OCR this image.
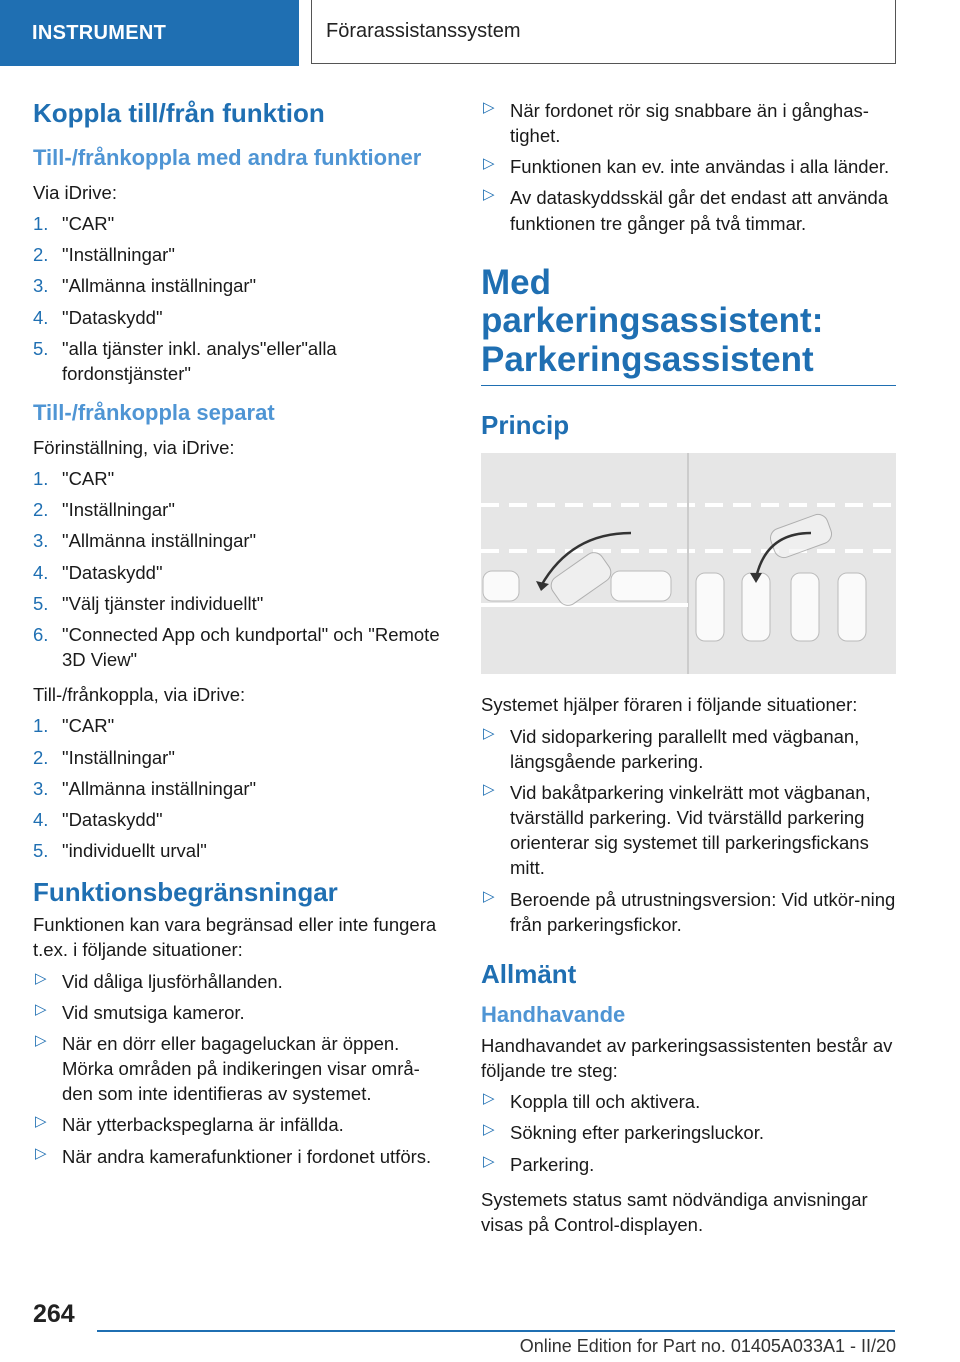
INSTRUMENT	Förarassistanssystem
Koppla till/från funktion
Till-/frånkoppla med andra funktioner

Via iDrive:

1. "CAR"
2. "Inställningar"
3. "Allmänna inställningar"
4. "Dataskydd"
5. "alla tjänster inkl. analys"eller"alla fordonstjänster"
Till-/frånkoppla separat

Förinställning, via iDrive:

1. "CAR"
2. "Inställningar"
3. "Allmänna inställningar"
4. "Dataskydd"
5. "Välj tjänster individuellt"
6. "Connected App och kundportal" och "Remote 3D View"

Till-/frånkoppla, via iDrive:

1. "CAR"
2. "Inställningar"
3. "Allmänna inställningar"
4. "Dataskydd"
5. "individuellt urval"
Funktionsbegränsningar

Funktionen kan vara begränsad eller inte fungera t.ex. i följande situationer:

▷ Vid dåliga ljusförhållanden.
▷ Vid smutsiga kameror.
▷ När en dörr eller bagageluckan är öppen. Mörka områden på indikeringen visar områ-den som inte identifieras av systemet.
▷ När ytterbackspeglarna är infällda.
▷ När andra kamerafunktioner i fordonet utförs.
▷ När fordonet rör sig snabbare än i gånghas-tighet.
▷ Funktionen kan ev. inte användas i alla länder.
▷ Av dataskyddsskäl går det endast att använda funktionen tre gånger på två timmar.
Med parkeringsassistent: Parkeringsassistent
Princip

Systemet hjälper föraren i följande situationer:

▷ Vid sidoparkering parallellt med vägbanan, längsgående parkering.
▷ Vid bakåtparkering vinkelrätt mot vägbanan, tvärställd parkering. Vid tvärställd parkering orienterar sig systemet till parkeringsfickans mitt.
▷ Beroende på utrustningsversion: Vid utkör-ning från parkeringsfickor.
Allmänt
Handhavande

Handhavandet av parkeringsassistenten består av följande tre steg:

▷ Koppla till och aktivera.
▷ Sökning efter parkeringsluckor.
▷ Parkering.

Systemets status samt nödvändiga anvisningar visas på Control-displayen.

264
Online Edition for Part no. 01405A033A1 - II/20
